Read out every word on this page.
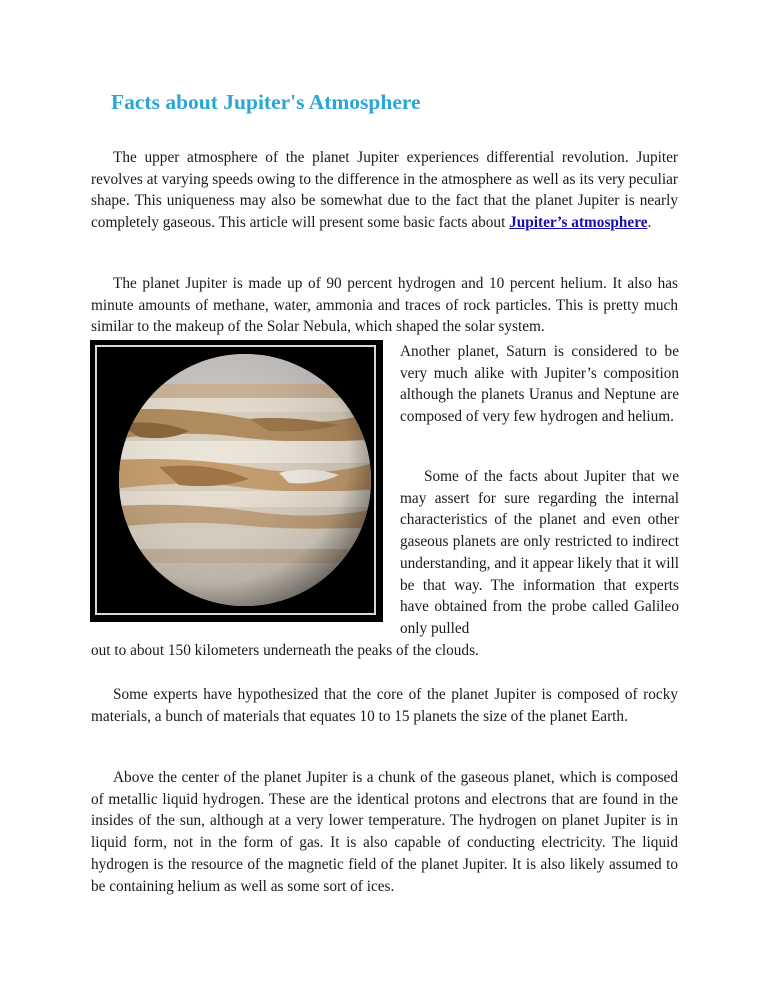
Facts about Jupiter's Atmosphere

The upper atmosphere of the planet Jupiter experiences differential revolution. Jupiter revolves at varying speeds owing to the difference in the atmosphere as well as its very peculiar shape. This uniqueness may also be somewhat due to the fact that the planet Jupiter is nearly completely gaseous. This article will present some basic facts about Jupiter’s atmosphere.

The planet Jupiter is made up of 90 percent hydrogen and 10 percent helium. It also has minute amounts of methane, water, ammonia and traces of rock particles. This is pretty much similar to the makeup of the Solar Nebula, which shaped the solar system.

Another planet, Saturn is considered to be very much alike with Jupiter’s composition although the planets Uranus and Neptune are composed of very few hydrogen and helium.

Some of the facts about Jupiter that we may assert for sure regarding the internal characteristics of the planet and even other gaseous planets are only restricted to indirect understanding, and it appear likely that it will be that way. The information that experts have obtained from the probe called Galileo only pulled

out to about 150 kilometers underneath the peaks of the clouds.

Some experts have hypothesized that the core of the planet Jupiter is composed of rocky materials, a bunch of materials that equates 10 to 15 planets the size of the planet Earth.

Above the center of the planet Jupiter is a chunk of the gaseous planet, which is composed of metallic liquid hydrogen. These are the identical protons and electrons that are found in the insides of the sun, although at a very lower temperature. The hydrogen on planet Jupiter is in liquid form, not in the form of gas. It is also capable of conducting electricity. The liquid hydrogen is the resource of the magnetic field of the planet Jupiter. It is also likely assumed to be containing helium as well as some sort of ices.
